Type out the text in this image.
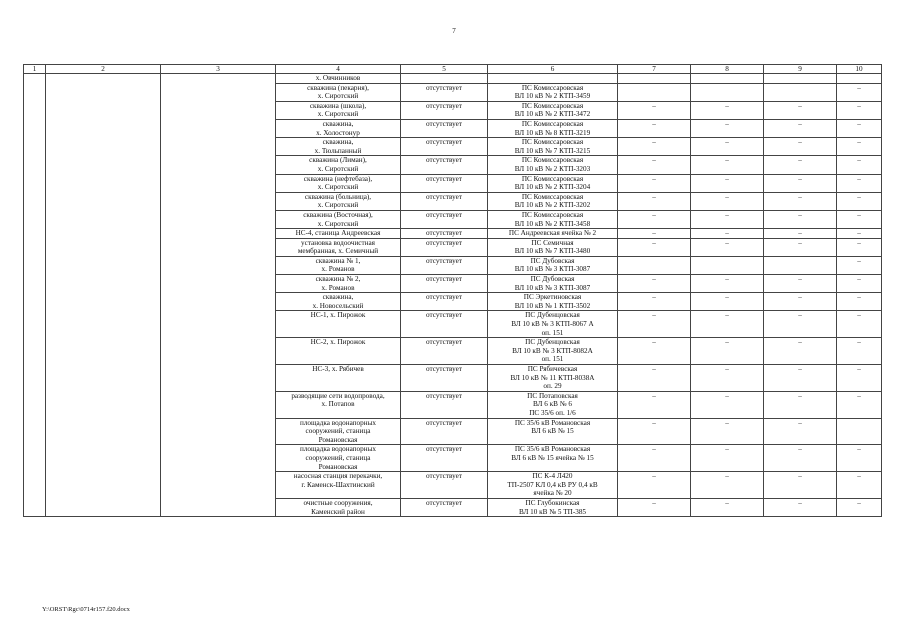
7
1	2	3	4	5	6	7	8	9	10
			х. Овчинников						
			скважина (пекарня),
х. Сиротский	отсутствует	ПС Комиссаровская
ВЛ 10 кВ № 2 КТП-3459				–
			скважина (школа),
х. Сиротский	отсутствует	ПС Комиссаровская
ВЛ 10 кВ № 2 КТП-3472	–	–	–	–
			скважина,
х. Холостонур	отсутствует	ПС Комиссаровская
ВЛ 10 кВ № 8 КТП-3219	–	–	–	–
			скважина,
х. Тюльпанный	отсутствует	ПС Комиссаровская
ВЛ 10 кВ № 7 КТП-3215	–	–	–	–
			скважина (Лиман),
х. Сиротский	отсутствует	ПС Комиссаровская
ВЛ 10 кВ № 2 КТП-3203	–	–	–	–
			скважина (нефтебаза),
х. Сиротский	отсутствует	ПС Комиссаровская
ВЛ 10 кВ № 2 КТП-3204	–	–	–	–
			скважина (больница),
х. Сиротский	отсутствует	ПС Комиссаровская
ВЛ 10 кВ № 2 КТП-3202	–	–	–	–
			скважина (Восточная),
х. Сиротский	отсутствует	ПС Комиссаровская
ВЛ 10 кВ № 2 КТП-3458	–	–	–	–
			НС-4, станица Андреевская	отсутствует	ПС Андреевская ячейка № 2	–	–	–	–
			установка водоочистная
мембранная, х. Семичный	отсутствует	ПС Семичная
ВЛ 10 кВ № 7 КТП-3480	–	–	–	–
			скважина № 1,
х. Романов	отсутствует	ПС Дубовская
ВЛ 10 кВ № 3 КТП-3087				–
			скважина № 2,
х. Романов	отсутствует	ПС Дубовская
ВЛ 10 кВ № 3 КТП-3087	–	–	–	–
			скважина,
х. Новосельский	отсутствует	ПС Эркетиновская
ВЛ 10 кВ № 1 КТП-3502	–	–	–	–
			НС-1, х. Пирожок	отсутствует	ПС Дубенцовская
ВЛ 10 кВ № 3 КТП-8067 А
оп. 151	–	–	–	–
			НС-2, х. Пирожок	отсутствует	ПС Дубенцовская
ВЛ 10 кВ № 3 КТП-8082А
оп. 151	–	–	–	–
			НС-3, х. Рябичев	отсутствует	ПС Рябичевская
ВЛ 10 кВ № 11 КТП-8038А
оп. 29	–	–	–	–
			разводящие сети водопровода,
х. Потапов	отсутствует	ПС Потаповская
ВЛ 6 кВ № 6
ПС 35/6 оп. 1/6	–	–	–	–
			площадка водонапорных
сооружений, станица
Романовская	отсутствует	ПС 35/6 кВ Романовская
ВЛ 6 кВ № 15	–	–	–	
			площадка водонапорных
сооружений, станица
Романовская	отсутствует	ПС 35/6 кВ Романовская
ВЛ 6 кВ № 15 ячейка № 15	–	–	–	–
			насосная станция перекачки,
г. Каменск-Шахтинский	отсутствует	ПС К-4 Л420
ТП-2507 КЛ 0,4 кВ РУ 0,4 кВ
ячейка № 20	–	–	–	–
			очистные сооружения,
Каменский район	отсутствует	ПС Глубокинская
ВЛ 10 кВ № 5 ТП-385	–	–	–	–
Y:\ORST\Rgc\0714r157.f20.docx
